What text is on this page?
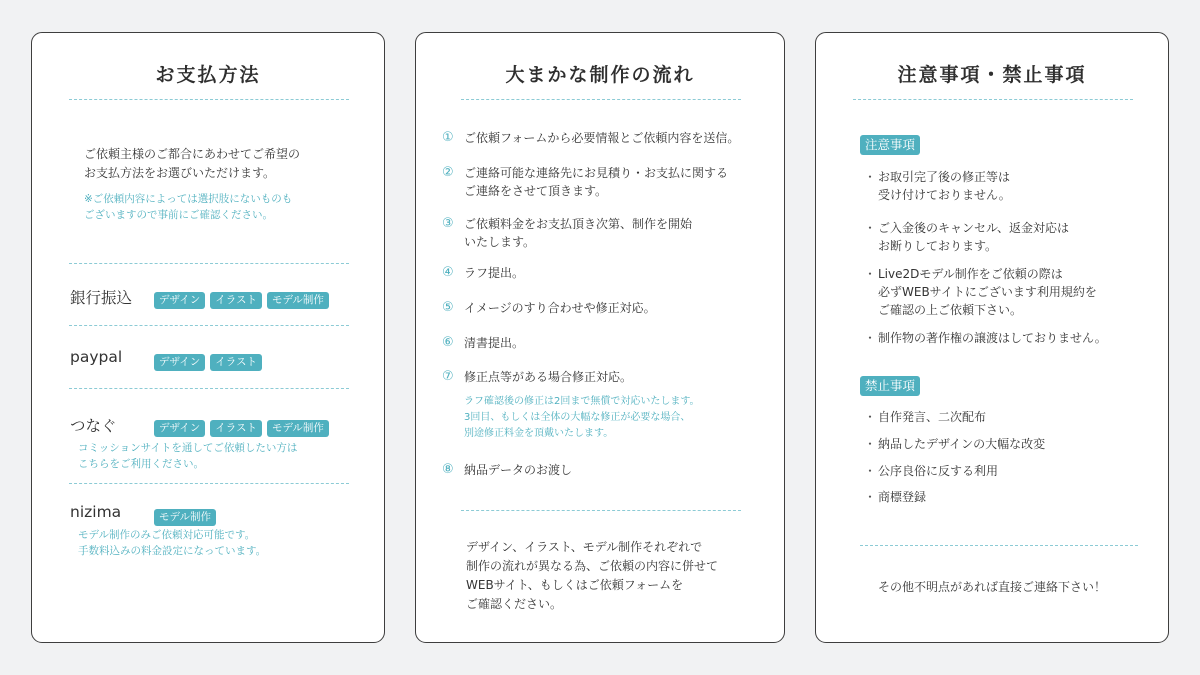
お支払方法
ご依頼主様のご都合にあわせてご希望の
お支払方法をお選びいただけます。
※ご依頼内容によっては選択肢にないものも
ございますので事前にご確認ください。
銀行振込	デザイン イラスト モデル制作
paypal	デザイン イラスト
つなぐ	デザイン イラスト モデル制作
コミッションサイトを通してご依頼したい方は
こちらをご利用ください。
nizima	モデル制作
モデル制作のみご依頼対応可能です。
手数料込みの料金設定になっています。
大まかな制作の流れ
① ご依頼フォームから必要情報とご依頼内容を送信。
② ご連絡可能な連絡先にお見積り・お支払に関する
ご連絡をさせて頂きます。
③ ご依頼料金をお支払頂き次第、制作を開始
いたします。
④ ラフ提出。
⑤ イメージのすり合わせや修正対応。
⑥ 清書提出。
⑦ 修正点等がある場合修正対応。
ラフ確認後の修正は2回まで無償で対応いたします。
3回目、もしくは全体の大幅な修正が必要な場合、
別途修正料金を頂戴いたします。
⑧ 納品データのお渡し
デザイン、イラスト、モデル制作それぞれで
制作の流れが異なる為、ご依頼の内容に併せて
WEBサイト、もしくはご依頼フォームを
ご確認ください。
注意事項・禁止事項
注意事項
・ お取引完了後の修正等は
受け付けておりません。
・ ご入金後のキャンセル、返金対応は
お断りしております。
・ Live2Dモデル制作をご依頼の際は
必ずWEBサイトにございます利用規約を
ご確認の上ご依頼下さい。
・ 制作物の著作権の譲渡はしておりません。
禁止事項
・ 自作発言、二次配布
・ 納品したデザインの大幅な改変
・ 公序良俗に反する利用
・ 商標登録
その他不明点があれば直接ご連絡下さい！
